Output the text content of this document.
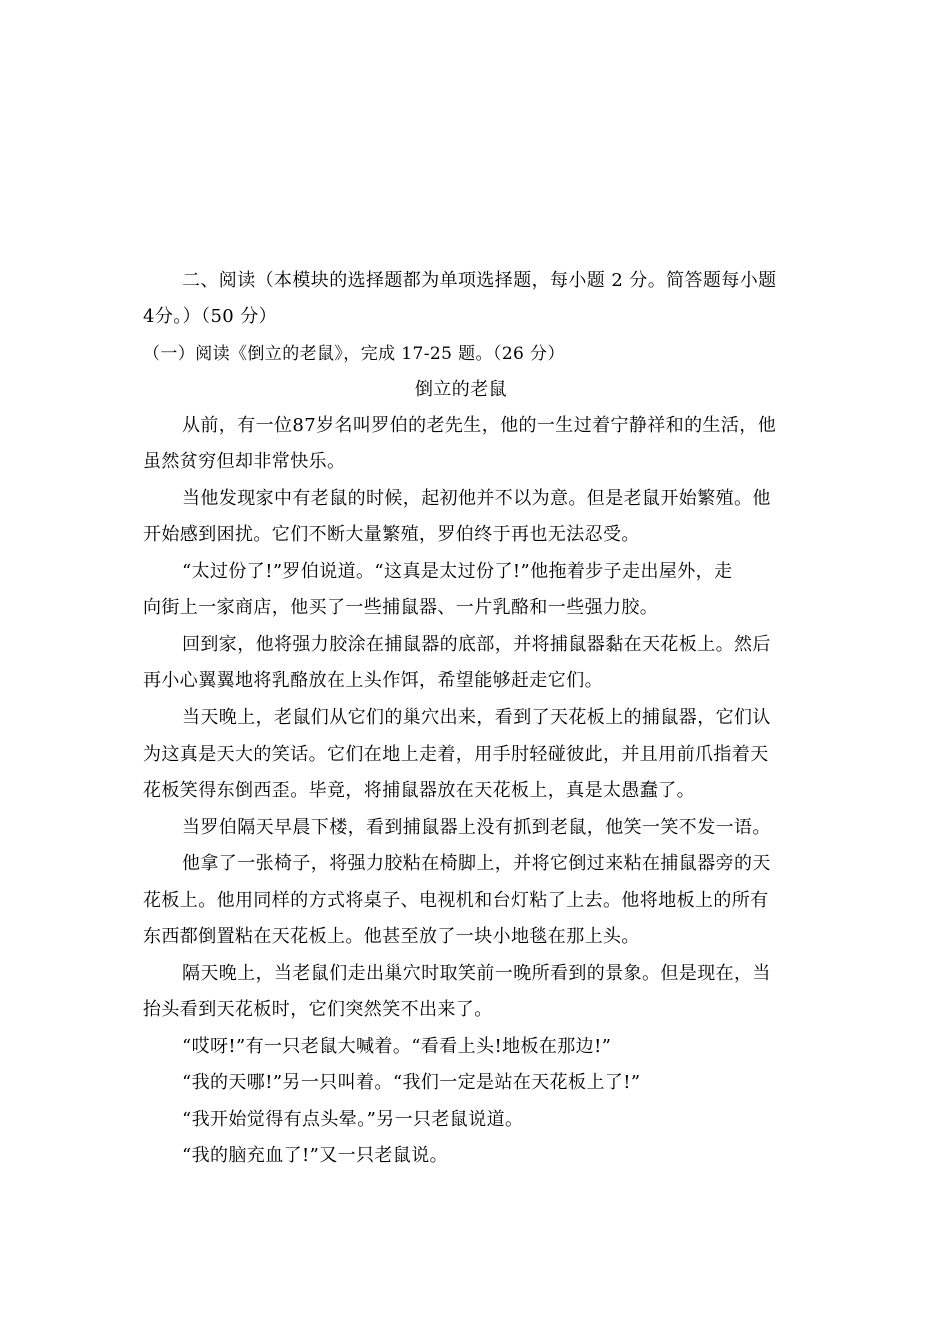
二、阅读（本模块的选择题都为单项选择题，每小题 2 分。简答题每小题
4分。）（50 分）
（一）阅读《倒立的老鼠》，完成 17-25 题。（26 分）
倒立的老鼠
从前，有一位87岁名叫罗伯的老先生，他的一生过着宁静祥和的生活，他
虽然贫穷但却非常快乐。
当他发现家中有老鼠的时候，起初他并不以为意。但是老鼠开始繁殖。他
开始感到困扰。它们不断大量繁殖，罗伯终于再也无法忍受。
“太过份了!”罗伯说道。“这真是太过份了!”他拖着步子走出屋外，走
向街上一家商店，他买了一些捕鼠器、一片乳酪和一些强力胶。
回到家，他将强力胶涂在捕鼠器的底部，并将捕鼠器黏在天花板上。然后
再小心翼翼地将乳酪放在上头作饵，希望能够赶走它们。
当天晚上，老鼠们从它们的巢穴出来，看到了天花板上的捕鼠器，它们认
为这真是天大的笑话。它们在地上走着，用手肘轻碰彼此，并且用前爪指着天
花板笑得东倒西歪。毕竟，将捕鼠器放在天花板上，真是太愚蠢了。
当罗伯隔天早晨下楼，看到捕鼠器上没有抓到老鼠，他笑一笑不发一语。
他拿了一张椅子，将强力胶粘在椅脚上，并将它倒过来粘在捕鼠器旁的天
花板上。他用同样的方式将桌子、电视机和台灯粘了上去。他将地板上的所有
东西都倒置粘在天花板上。他甚至放了一块小地毯在那上头。
隔天晚上，当老鼠们走出巢穴时取笑前一晚所看到的景象。但是现在，当
抬头看到天花板时，它们突然笑不出来了。
“哎呀!”有一只老鼠大喊着。“看看上头!地板在那边!”
“我的天哪!”另一只叫着。“我们一定是站在天花板上了!”
“我开始觉得有点头晕。”另一只老鼠说道。
“我的脑充血了!”又一只老鼠说。
